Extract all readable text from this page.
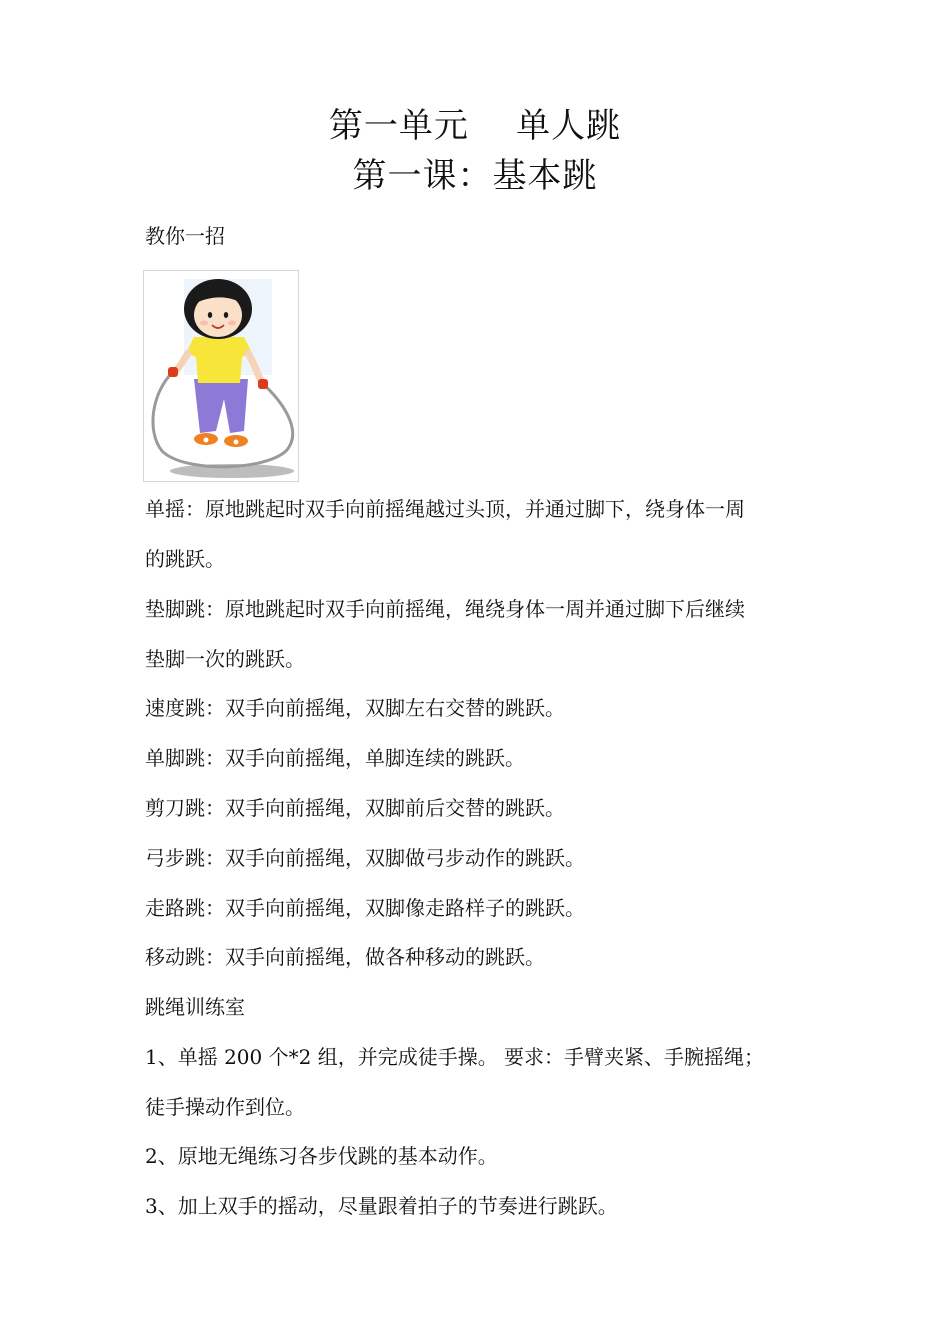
第一单元    单人跳
第一课：基本跳
教你一招
单摇：原地跳起时双手向前摇绳越过头顶，并通过脚下，绕身体一周
的跳跃。
垫脚跳：原地跳起时双手向前摇绳，绳绕身体一周并通过脚下后继续
垫脚一次的跳跃。
速度跳：双手向前摇绳，双脚左右交替的跳跃。
单脚跳：双手向前摇绳，单脚连续的跳跃。
剪刀跳：双手向前摇绳，双脚前后交替的跳跃。
弓步跳：双手向前摇绳，双脚做弓步动作的跳跃。
走路跳：双手向前摇绳，双脚像走路样子的跳跃。
移动跳：双手向前摇绳，做各种移动的跳跃。
跳绳训练室
1、单摇 200 个*2 组，并完成徒手操。 要求：手臂夹紧、手腕摇绳；
徒手操动作到位。
2、原地无绳练习各步伐跳的基本动作。
3、加上双手的摇动，尽量跟着拍子的节奏进行跳跃。
